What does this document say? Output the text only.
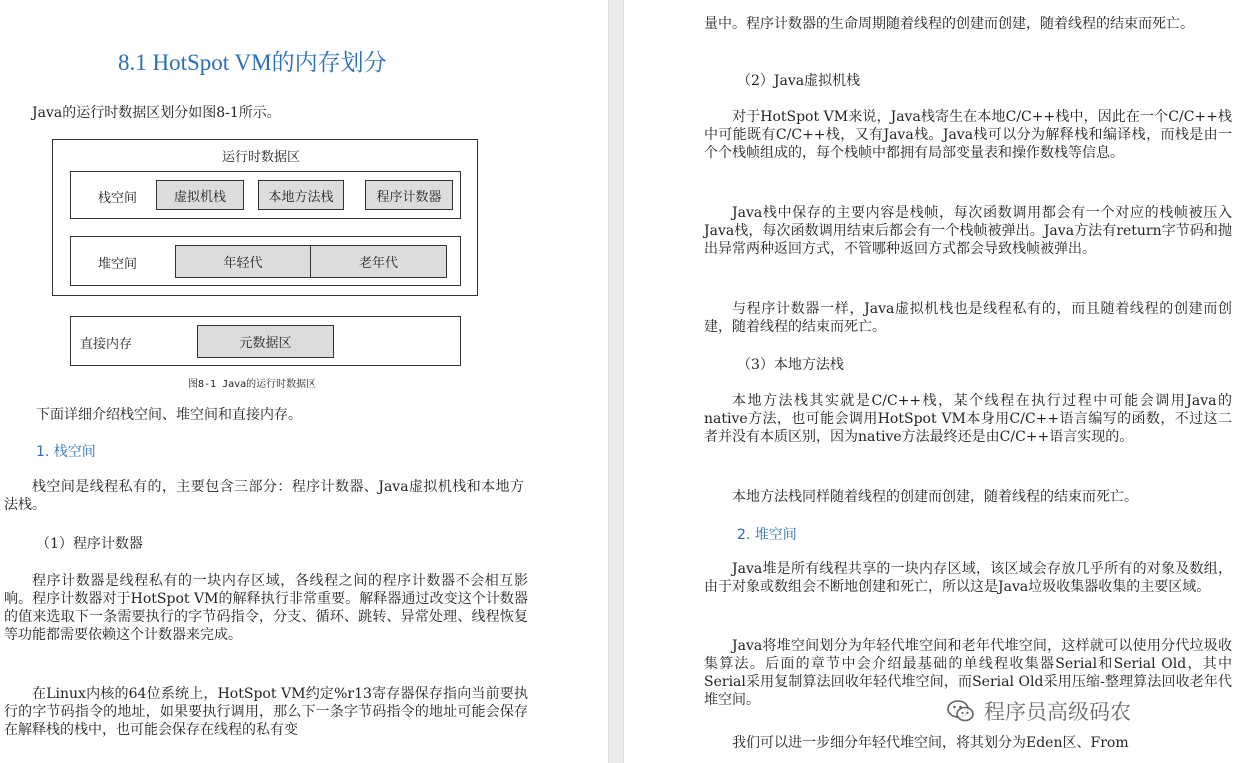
8.1 HotSpot VM的内存划分
Java的运行时数据区划分如图8-1所示。
运行时数据区
栈空间	虚拟机栈	本地方法栈	程序计数器
堆空间	年轻代	老年代
直接内存	元数据区
图8-1 Java的运行时数据区
下面详细介绍栈空间、堆空间和直接内存。
1. 栈空间
栈空间是线程私有的，主要包含三部分：程序计数器、Java虚拟机栈和本地方法栈。
（1）程序计数器
程序计数器是线程私有的一块内存区域，各线程之间的程序计数器不会相互影响。程序计数器对于HotSpot VM的解释执行非常重要。解释器通过改变这个计数器的值来选取下一条需要执行的字节码指令，分支、循环、跳转、异常处理、线程恢复等功能都需要依赖这个计数器来完成。
在Linux内核的64位系统上，HotSpot VM约定%r13寄存器保存指向当前要执行的字节码指令的地址，如果要执行调用，那么下一条字节码指令的地址可能会保存在解释栈的栈中，也可能会保存在线程的私有变
量中。程序计数器的生命周期随着线程的创建而创建，随着线程的结束而死亡。
（2）Java虚拟机栈
对于HotSpot VM来说，Java栈寄生在本地C/C++栈中，因此在一个C/C++栈中可能既有C/C++栈，又有Java栈。Java栈可以分为解释栈和编译栈，而栈是由一个个栈帧组成的，每个栈帧中都拥有局部变量表和操作数栈等信息。
Java栈中保存的主要内容是栈帧，每次函数调用都会有一个对应的栈帧被压入Java栈，每次函数调用结束后都会有一个栈帧被弹出。Java方法有return字节码和抛出异常两种返回方式，不管哪种返回方式都会导致栈帧被弹出。
与程序计数器一样，Java虚拟机栈也是线程私有的，而且随着线程的创建而创建，随着线程的结束而死亡。
（3）本地方法栈
本地方法栈其实就是C/C++栈，某个线程在执行过程中可能会调用Java的native方法，也可能会调用HotSpot VM本身用C/C++语言编写的函数，不过这二者并没有本质区别，因为native方法最终还是由C/C++语言实现的。
本地方法栈同样随着线程的创建而创建，随着线程的结束而死亡。
2. 堆空间
Java堆是所有线程共享的一块内存区域，该区域会存放几乎所有的对象及数组，由于对象或数组会不断地创建和死亡，所以这是Java垃圾收集器收集的主要区域。
Java将堆空间划分为年轻代堆空间和老年代堆空间，这样就可以使用分代垃圾收集算法。后面的章节中会介绍最基础的单线程收集器Serial和Serial Old，其中Serial采用复制算法回收年轻代堆空间，而Serial Old采用压缩-整理算法回收老年代堆空间。
我们可以进一步细分年轻代堆空间，将其划分为Eden区、From
程序员高级码农
